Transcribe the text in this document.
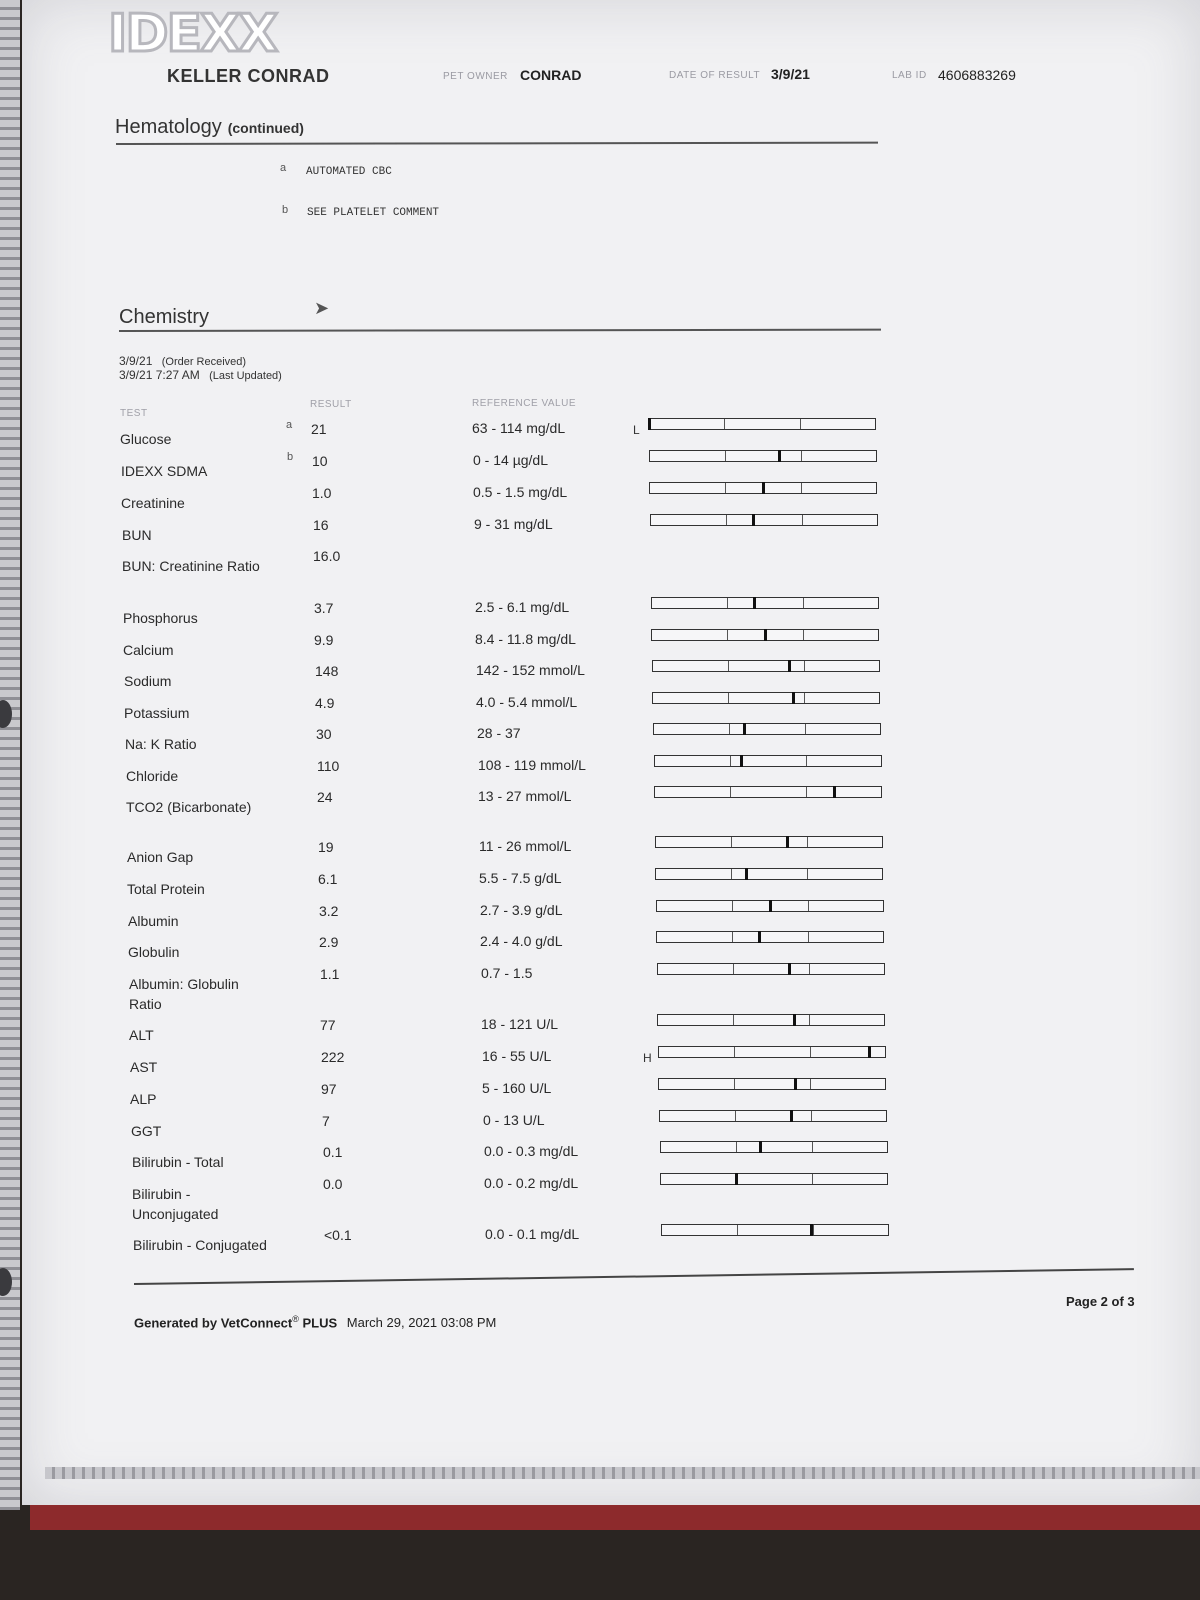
IDEXX
KELLER CONRAD	PET OWNER CONRAD	DATE OF RESULT 3/9/21	LAB ID 4606883269
Hematology (continued)
a AUTOMATED CBC
b SEE PLATELET COMMENT
Chemistry	➤
3/9/21 (Order Received)
3/9/21 7:27 AM (Last Updated)
TEST
RESULT	REFERENCE VALUE
Glucose
a 21	63 - 114 mg/dL	L
IDEXX SDMA
b 10	0 - 14 µg/dL
Creatinine
1.0	0.5 - 1.5 mg/dL
BUN
16	9 - 31 mg/dL
BUN: Creatinine Ratio
16.0
Phosphorus
3.7	2.5 - 6.1 mg/dL
Calcium
9.9	8.4 - 11.8 mg/dL
Sodium
148	142 - 152 mmol/L
Potassium
4.9	4.0 - 5.4 mmol/L
Na: K Ratio
30	28 - 37
Chloride
110	108 - 119 mmol/L
TCO2 (Bicarbonate)
24	13 - 27 mmol/L
Anion Gap
19	11 - 26 mmol/L
Total Protein
6.1	5.5 - 7.5 g/dL
Albumin
3.2	2.7 - 3.9 g/dL
Globulin
2.9	2.4 - 4.0 g/dL
Albumin: Globulin Ratio
1.1	0.7 - 1.5
ALT
77	18 - 121 U/L
AST
222	16 - 55 U/L	H
ALP
97	5 - 160 U/L
GGT
7	0 - 13 U/L
Bilirubin - Total
0.1	0.0 - 0.3 mg/dL
Bilirubin - Unconjugated
0.0	0.0 - 0.2 mg/dL
Bilirubin - Conjugated
<0.1	0.0 - 0.1 mg/dL
Generated by VetConnect® PLUS March 29, 2021 03:08 PM
Page 2 of 3
